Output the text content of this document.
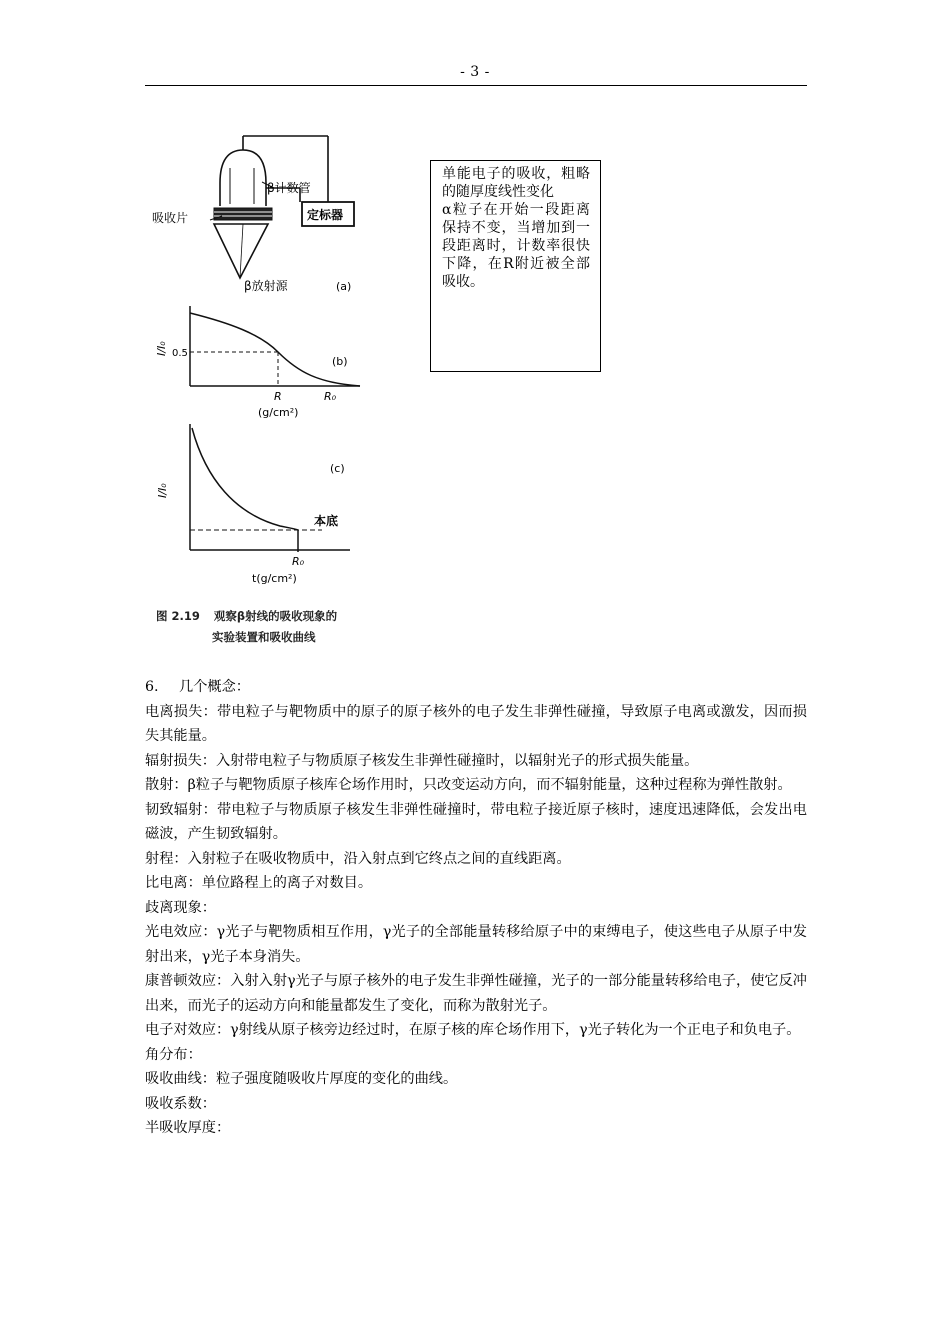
- 3 -
β计数管
吸收片	定标器
β放射源	(a)
I/I₀ 0.5
(b)
R	R₀
(g/cm²)
I/I₀
(c)
本底
R₀
t(g/cm²)
图 2.19 观察β射线的吸收现象的
实验装置和吸收曲线

单能电子的吸收，粗略的随厚度线性变化

α粒子在开始一段距离保持不变，当增加到一段距离时，计数率很快下降，在R附近被全部吸收。

6. 几个概念：

电离损失：带电粒子与靶物质中的原子的原子核外的电子发生非弹性碰撞，导致原子电离或激发，因而损失其能量。

辐射损失：入射带电粒子与物质原子核发生非弹性碰撞时，以辐射光子的形式损失能量。

散射：β粒子与靶物质原子核库仑场作用时，只改变运动方向，而不辐射能量，这种过程称为弹性散射。

韧致辐射：带电粒子与物质原子核发生非弹性碰撞时，带电粒子接近原子核时，速度迅速降低，会发出电磁波，产生韧致辐射。

射程：入射粒子在吸收物质中，沿入射点到它终点之间的直线距离。

比电离：单位路程上的离子对数目。

歧离现象：

光电效应：γ光子与靶物质相互作用，γ光子的全部能量转移给原子中的束缚电子，使这些电子从原子中发射出来，γ光子本身消失。

康普顿效应：入射入射γ光子与原子核外的电子发生非弹性碰撞，光子的一部分能量转移给电子，使它反冲出来，而光子的运动方向和能量都发生了变化，而称为散射光子。

电子对效应：γ射线从原子核旁边经过时，在原子核的库仑场作用下，γ光子转化为一个正电子和负电子。

角分布：

吸收曲线：粒子强度随吸收片厚度的变化的曲线。

吸收系数：

半吸收厚度：
